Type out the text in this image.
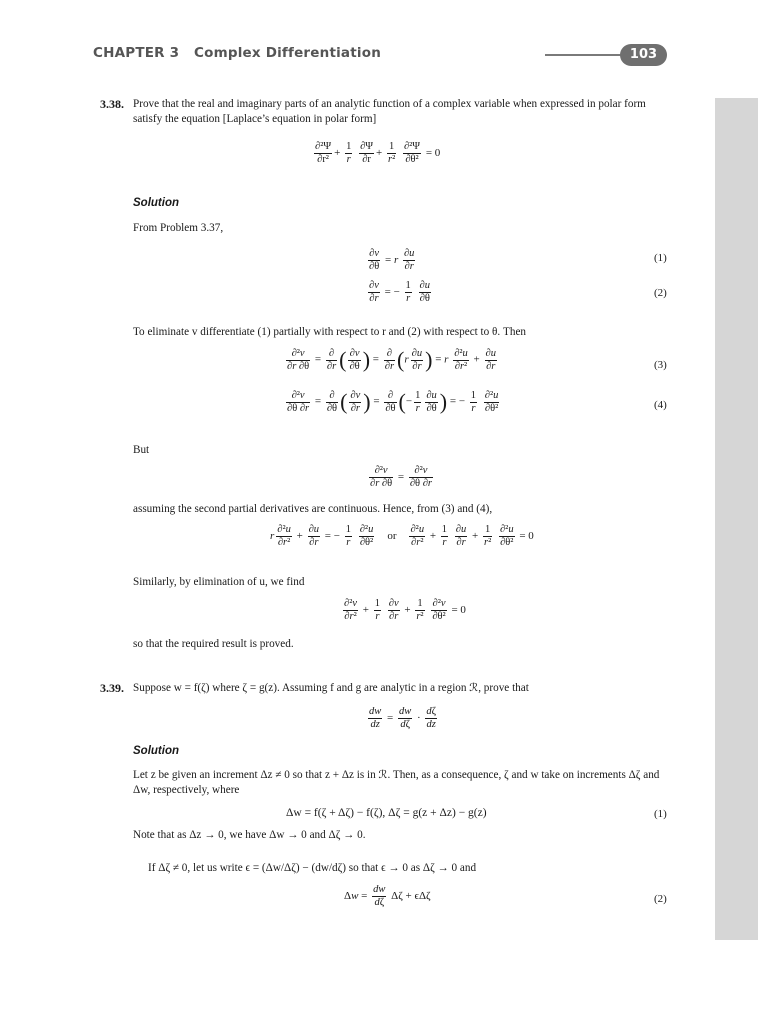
CHAPTER 3 Complex Differentiation	103
3.38. Prove that the real and imaginary parts of an analytic function of a complex variable when expressed in polar form satisfy the equation [Laplace’s equation in polar form]
$\frac{\text{∂²Ψ}}{\text{∂r²}} + \frac{1}{r}$
$\frac{\partial\Psi}{\partial r} + \frac{1}{\text{r²}}$
$\frac{\text{∂²Ψ}}{\text{∂θ²}} = 0$
Solution
From Problem 3.37,
$\frac{\partial v}{\partial\theta} = r \frac{\partial u}{\partial r}$	(1)
$\frac{\partial v}{\partial r}$ = − $\frac{1}{r}$
$\frac{\partial u}{\partial\theta}$	(2)
To eliminate v differentiate (1) partially with respect to r and (2) with respect to θ. Then
$\frac{\text{∂²v}}{\partial r \partial\theta} = \frac{\partial}{\partial r}$ ( $\frac{\partial v}{\partial\theta}$ ) = $\frac{\partial}{\partial r} (r \frac{\partial u}{\partial r}$ ) = r $\frac{\text{∂²u}}{\text{∂r²}} + \frac{\partial u}{\partial r}$	(3)
$\frac{\text{∂²v}}{\partial\theta \partial r} = \frac{\partial}{\partial\theta}$ ( $\frac{\partial v}{\partial r}$ ) = $\frac{\partial}{\partial\theta}$ (− $\frac{1}{r} \frac{\partial u}{\partial\theta}$ ) = − $\frac{1}{r}$
$\frac{\text{∂²u}}{\text{∂θ²}}$	(4)
But
$\frac{\text{∂²v}}{\partial r \partial\theta} = \frac{\text{∂²v}}{\partial\theta \partial r}$
assuming the second partial derivatives are continuous. Hence, from (3) and (4),
r $\frac{\text{∂²u}}{\text{∂r²}} + \frac{\partial u}{\partial r}$ = − $\frac{1}{r}$
$\frac{\text{∂²u}}{\text{∂θ²}}$ or $\frac{\text{∂²u}}{\text{∂r²}} + \frac{1}{r}$
$\frac{\partial u}{\partial r} + \frac{1}{\text{r²}}$
$\frac{\text{∂²u}}{\text{∂θ²}} = 0$
Similarly, by elimination of u, we find
$\frac{\text{∂²v}}{\text{∂r²}} + \frac{1}{r}$
$\frac{\partial v}{\partial r} + \frac{1}{\text{r²}}$
$\frac{\text{∂²v}}{\text{∂θ²}} = 0$
so that the required result is proved.
3.39. Suppose w = f(ζ) where ζ = g(z). Assuming f and g are analytic in a region ℛ, prove that
$\frac{dw}{dz} = \frac{dw}{d\zeta} \cdot \frac{d\zeta}{dz}$
Solution
Let z be given an increment Δz ≠ 0 so that z + Δz is in ℛ. Then, as a consequence, ζ and w take on increments Δζ and Δw, respectively, where
Δw = f(ζ + Δζ) − f(ζ), Δζ = g(z + Δz) − g(z)	(1)
Note that as Δz → 0, we have Δw → 0 and Δζ → 0.
If Δζ ≠ 0, let us write ϵ = (Δw/Δζ) − (dw/dζ) so that ϵ → 0 as Δζ → 0 and
$\Delta w = \frac{dw}{d\zeta}$ Δζ + ϵΔζ	(2)
